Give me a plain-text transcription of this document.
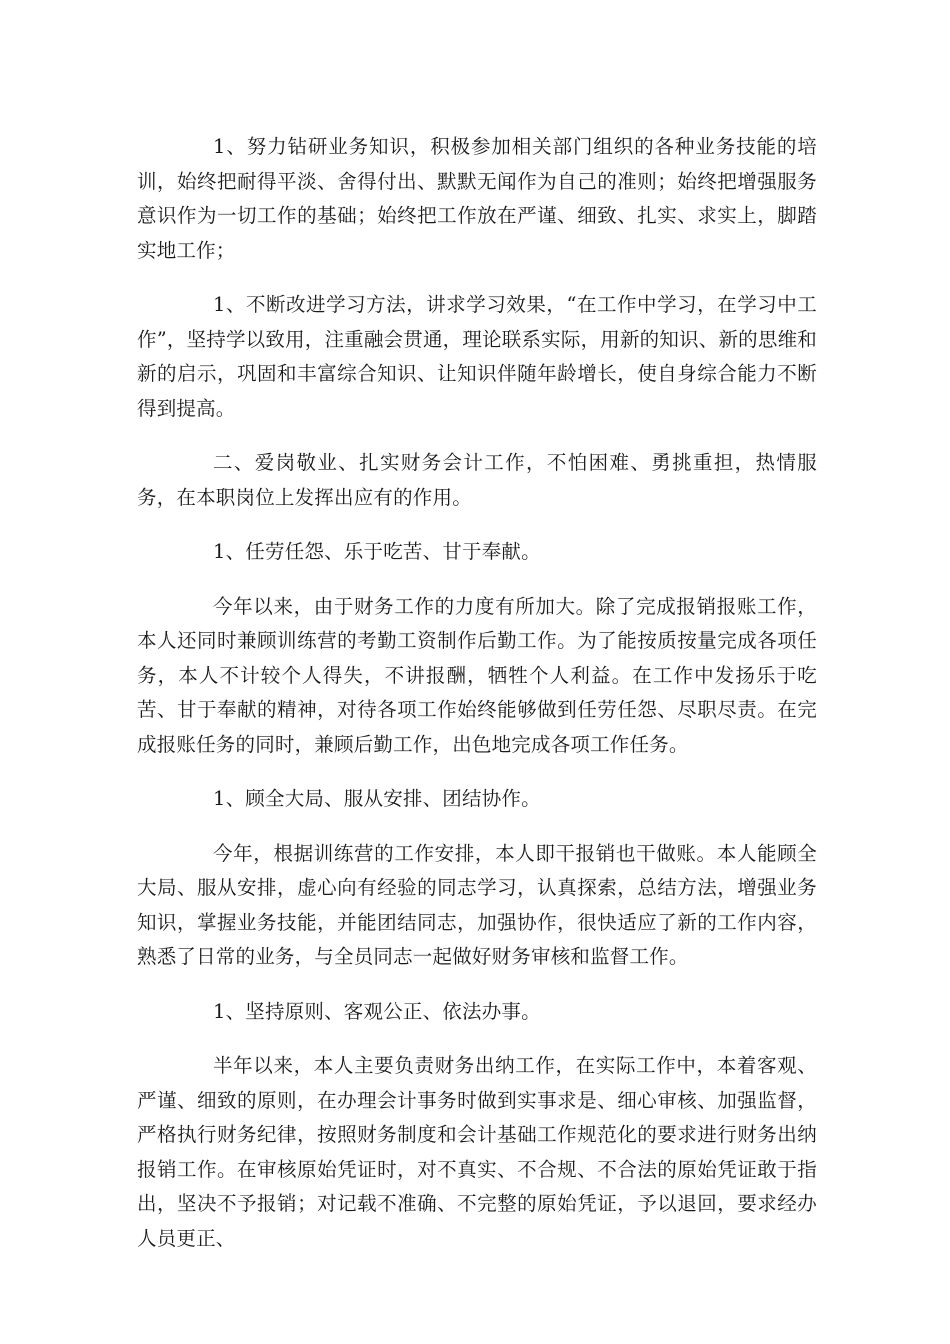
1、努力钻研业务知识，积极参加相关部门组织的各种业务技能的培训，始终把耐得平淡、舍得付出、默默无闻作为自己的准则；始终把增强服务意识作为一切工作的基础；始终把工作放在严谨、细致、扎实、求实上，脚踏实地工作；

1、不断改进学习方法，讲求学习效果，“在工作中学习，在学习中工作”，坚持学以致用，注重融会贯通，理论联系实际，用新的知识、新的思维和新的启示，巩固和丰富综合知识、让知识伴随年龄增长，使自身综合能力不断得到提高。

二、爱岗敬业、扎实财务会计工作，不怕困难、勇挑重担，热情服务，在本职岗位上发挥出应有的作用。

1、任劳任怨、乐于吃苦、甘于奉献。

今年以来，由于财务工作的力度有所加大。除了完成报销报账工作，本人还同时兼顾训练营的考勤工资制作后勤工作。为了能按质按量完成各项任务，本人不计较个人得失，不讲报酬，牺牲个人利益。在工作中发扬乐于吃苦、甘于奉献的精神，对待各项工作始终能够做到任劳任怨、尽职尽责。在完成报账任务的同时，兼顾后勤工作，出色地完成各项工作任务。

1、顾全大局、服从安排、团结协作。

今年，根据训练营的工作安排，本人即干报销也干做账。本人能顾全大局、服从安排，虚心向有经验的同志学习，认真探索，总结方法，增强业务知识，掌握业务技能，并能团结同志，加强协作，很快适应了新的工作内容，熟悉了日常的业务，与全员同志一起做好财务审核和监督工作。

1、坚持原则、客观公正、依法办事。

半年以来，本人主要负责财务出纳工作，在实际工作中，本着客观、严谨、细致的原则，在办理会计事务时做到实事求是、细心审核、加强监督，严格执行财务纪律，按照财务制度和会计基础工作规范化的要求进行财务出纳报销工作。在审核原始凭证时，对不真实、不合规、不合法的原始凭证敢于指出，坚决不予报销；对记载不准确、不完整的原始凭证，予以退回，要求经办人员更正、
